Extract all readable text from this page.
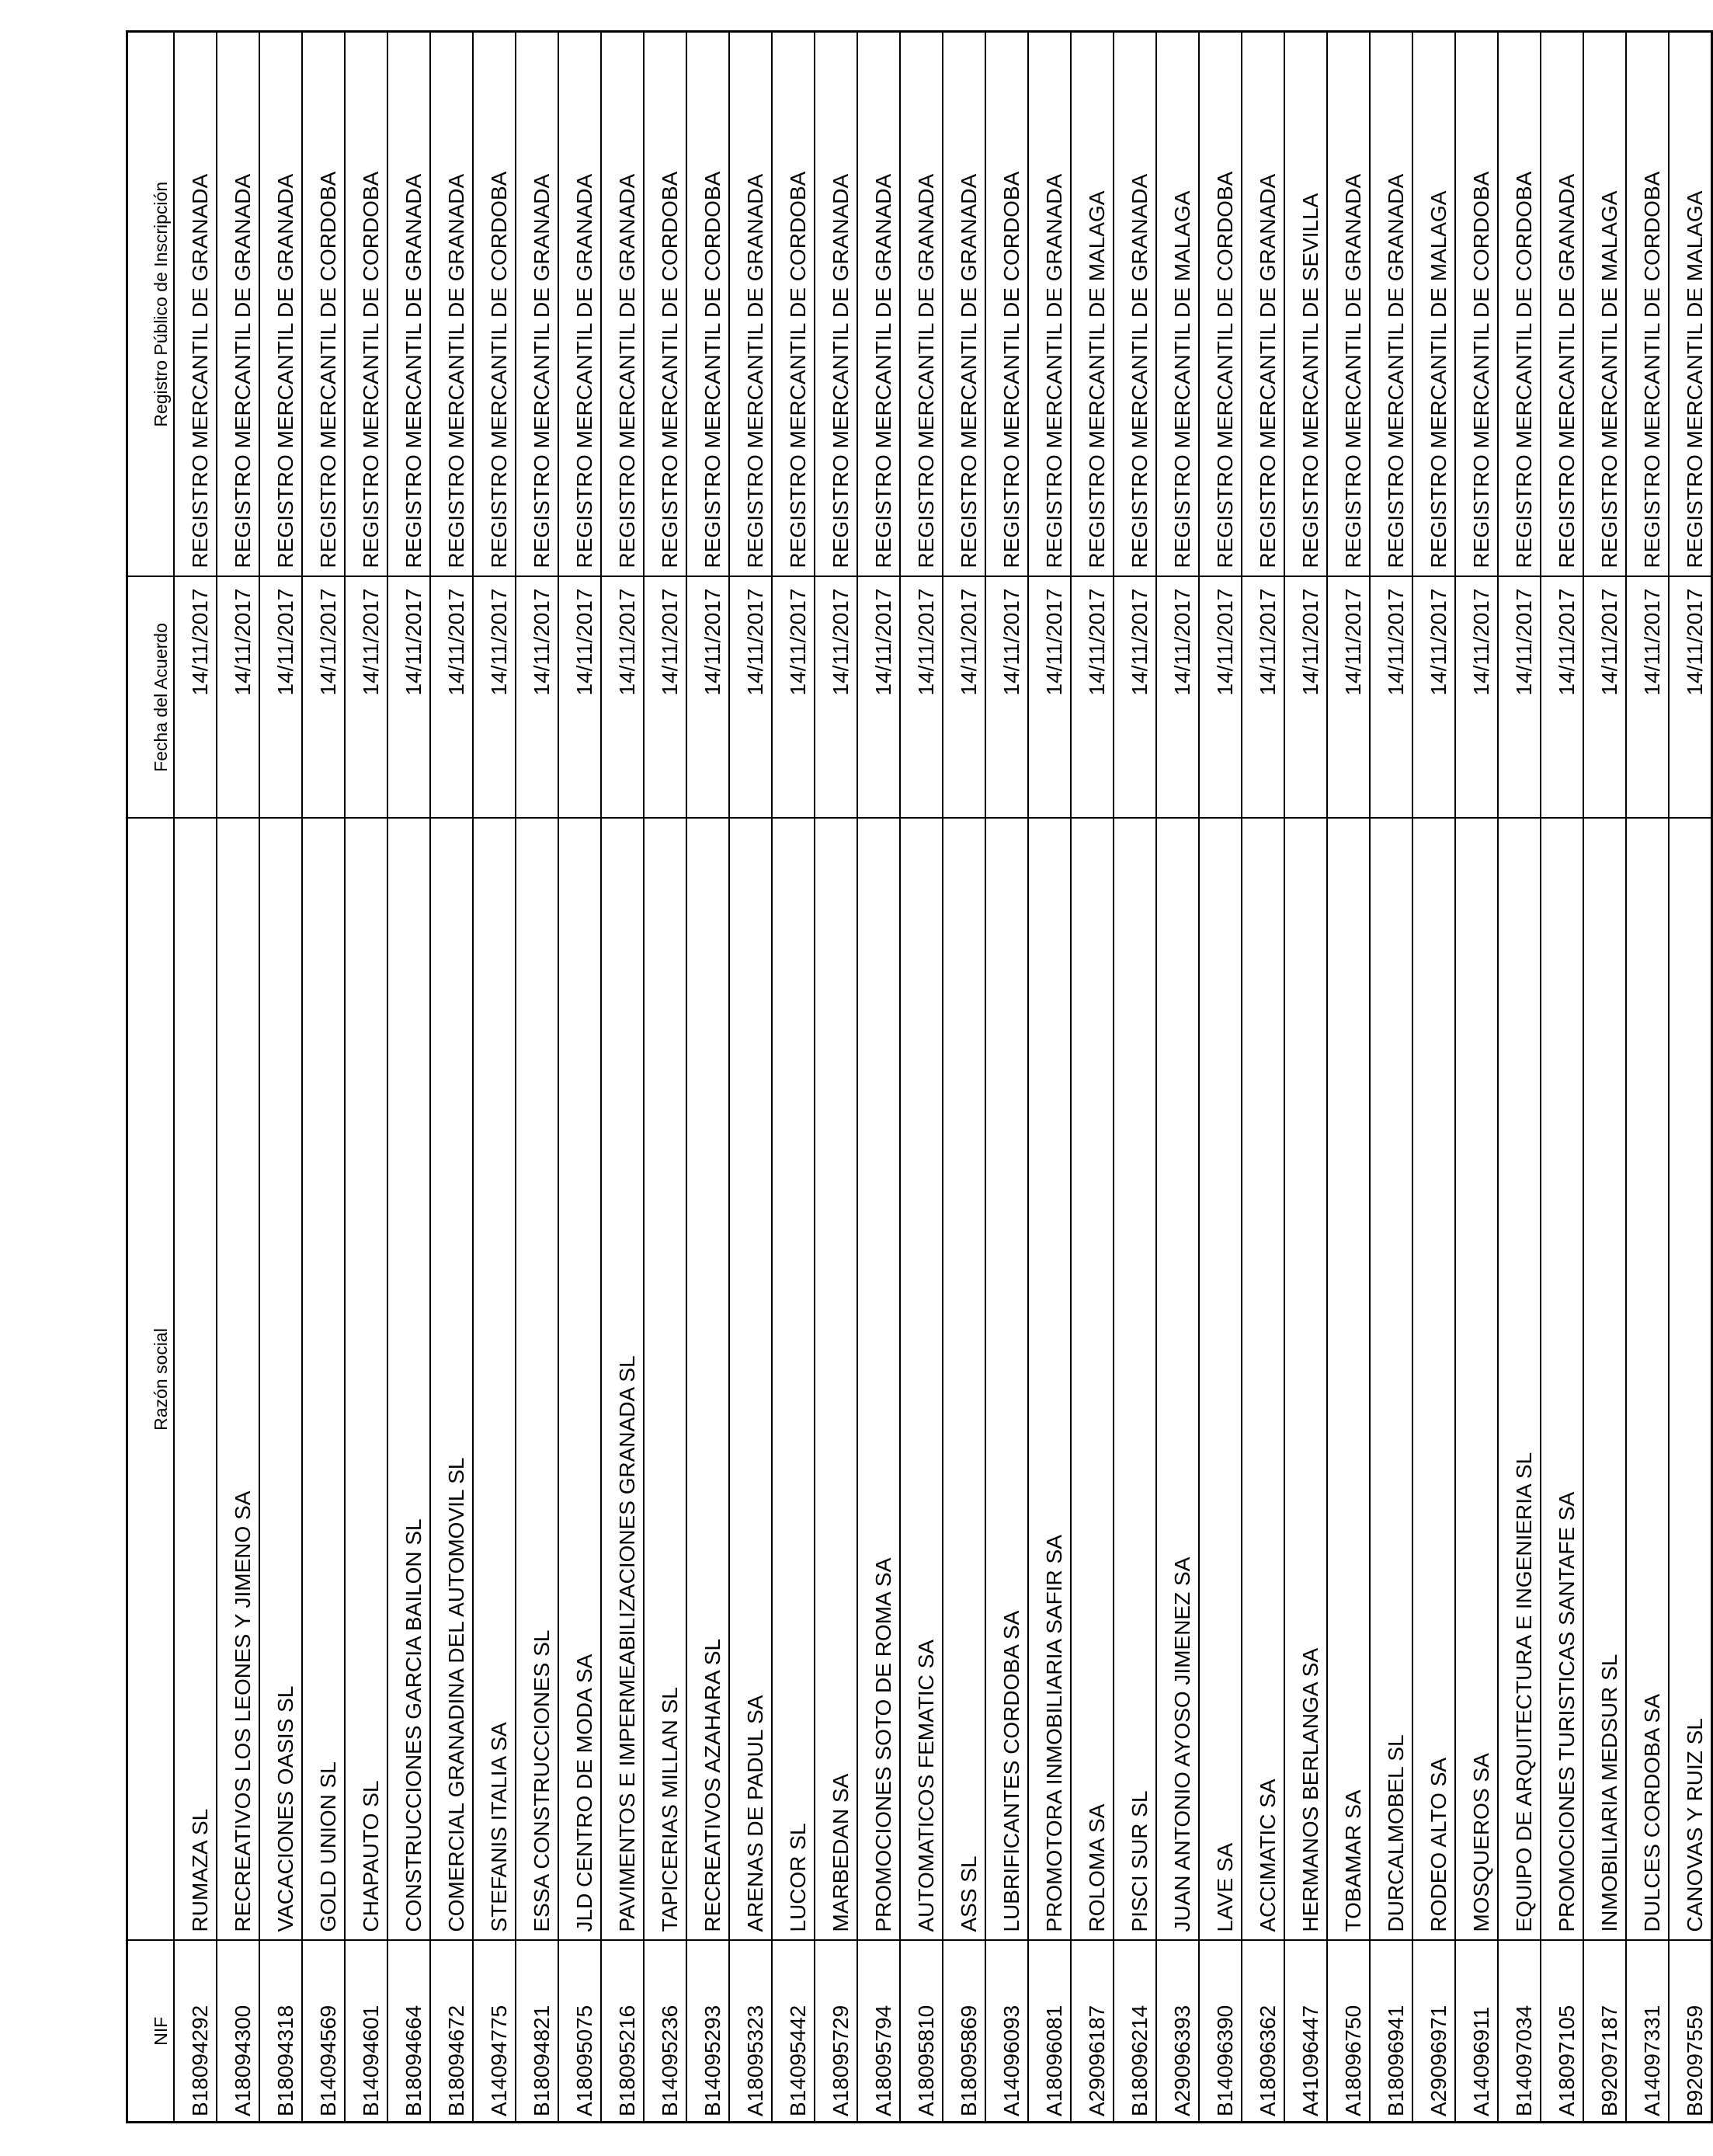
NIF	Razón social	Fecha del Acuerdo	Registro Público de Inscripción
B18094292	RUMAZA SL	14/11/2017	REGISTRO MERCANTIL DE GRANADA
A18094300	RECREATIVOS LOS LEONES Y JIMENO SA	14/11/2017	REGISTRO MERCANTIL DE GRANADA
B18094318	VACACIONES OASIS SL	14/11/2017	REGISTRO MERCANTIL DE GRANADA
B14094569	GOLD UNION SL	14/11/2017	REGISTRO MERCANTIL DE CORDOBA
B14094601	CHAPAUTO SL	14/11/2017	REGISTRO MERCANTIL DE CORDOBA
B18094664	CONSTRUCCIONES GARCIA BAILON SL	14/11/2017	REGISTRO MERCANTIL DE GRANADA
B18094672	COMERCIAL GRANADINA DEL AUTOMOVIL SL	14/11/2017	REGISTRO MERCANTIL DE GRANADA
A14094775	STEFANIS ITALIA SA	14/11/2017	REGISTRO MERCANTIL DE CORDOBA
B18094821	ESSA CONSTRUCCIONES SL	14/11/2017	REGISTRO MERCANTIL DE GRANADA
A18095075	JLD CENTRO DE MODA SA	14/11/2017	REGISTRO MERCANTIL DE GRANADA
B18095216	PAVIMENTOS E IMPERMEABILIZACIONES GRANADA SL	14/11/2017	REGISTRO MERCANTIL DE GRANADA
B14095236	TAPICERIAS MILLAN SL	14/11/2017	REGISTRO MERCANTIL DE CORDOBA
B14095293	RECREATIVOS AZAHARA SL	14/11/2017	REGISTRO MERCANTIL DE CORDOBA
A18095323	ARENAS DE PADUL SA	14/11/2017	REGISTRO MERCANTIL DE GRANADA
B14095442	LUCOR SL	14/11/2017	REGISTRO MERCANTIL DE CORDOBA
A18095729	MARBEDAN SA	14/11/2017	REGISTRO MERCANTIL DE GRANADA
A18095794	PROMOCIONES SOTO DE ROMA SA	14/11/2017	REGISTRO MERCANTIL DE GRANADA
A18095810	AUTOMATICOS FEMATIC SA	14/11/2017	REGISTRO MERCANTIL DE GRANADA
B18095869	ASS SL	14/11/2017	REGISTRO MERCANTIL DE GRANADA
A14096093	LUBRIFICANTES CORDOBA SA	14/11/2017	REGISTRO MERCANTIL DE CORDOBA
A18096081	PROMOTORA INMOBILIARIA SAFIR SA	14/11/2017	REGISTRO MERCANTIL DE GRANADA
A29096187	ROLOMA SA	14/11/2017	REGISTRO MERCANTIL DE MALAGA
B18096214	PISCI SUR SL	14/11/2017	REGISTRO MERCANTIL DE GRANADA
A29096393	JUAN ANTONIO AYOSO JIMENEZ SA	14/11/2017	REGISTRO MERCANTIL DE MALAGA
B14096390	LAVE SA	14/11/2017	REGISTRO MERCANTIL DE CORDOBA
A18096362	ACCIMATIC SA	14/11/2017	REGISTRO MERCANTIL DE GRANADA
A41096447	HERMANOS BERLANGA SA	14/11/2017	REGISTRO MERCANTIL DE SEVILLA
A18096750	TOBAMAR SA	14/11/2017	REGISTRO MERCANTIL DE GRANADA
B18096941	DURCALMOBEL SL	14/11/2017	REGISTRO MERCANTIL DE GRANADA
A29096971	RODEO ALTO SA	14/11/2017	REGISTRO MERCANTIL DE MALAGA
A14096911	MOSQUEROS SA	14/11/2017	REGISTRO MERCANTIL DE CORDOBA
B14097034	EQUIPO DE ARQUITECTURA E INGENIERIA SL	14/11/2017	REGISTRO MERCANTIL DE CORDOBA
A18097105	PROMOCIONES TURISTICAS SANTAFE SA	14/11/2017	REGISTRO MERCANTIL DE GRANADA
B92097187	INMOBILIARIA MEDSUR SL	14/11/2017	REGISTRO MERCANTIL DE MALAGA
A14097331	DULCES CORDOBA SA	14/11/2017	REGISTRO MERCANTIL DE CORDOBA
B92097559	CANOVAS Y RUIZ SL	14/11/2017	REGISTRO MERCANTIL DE MALAGA
